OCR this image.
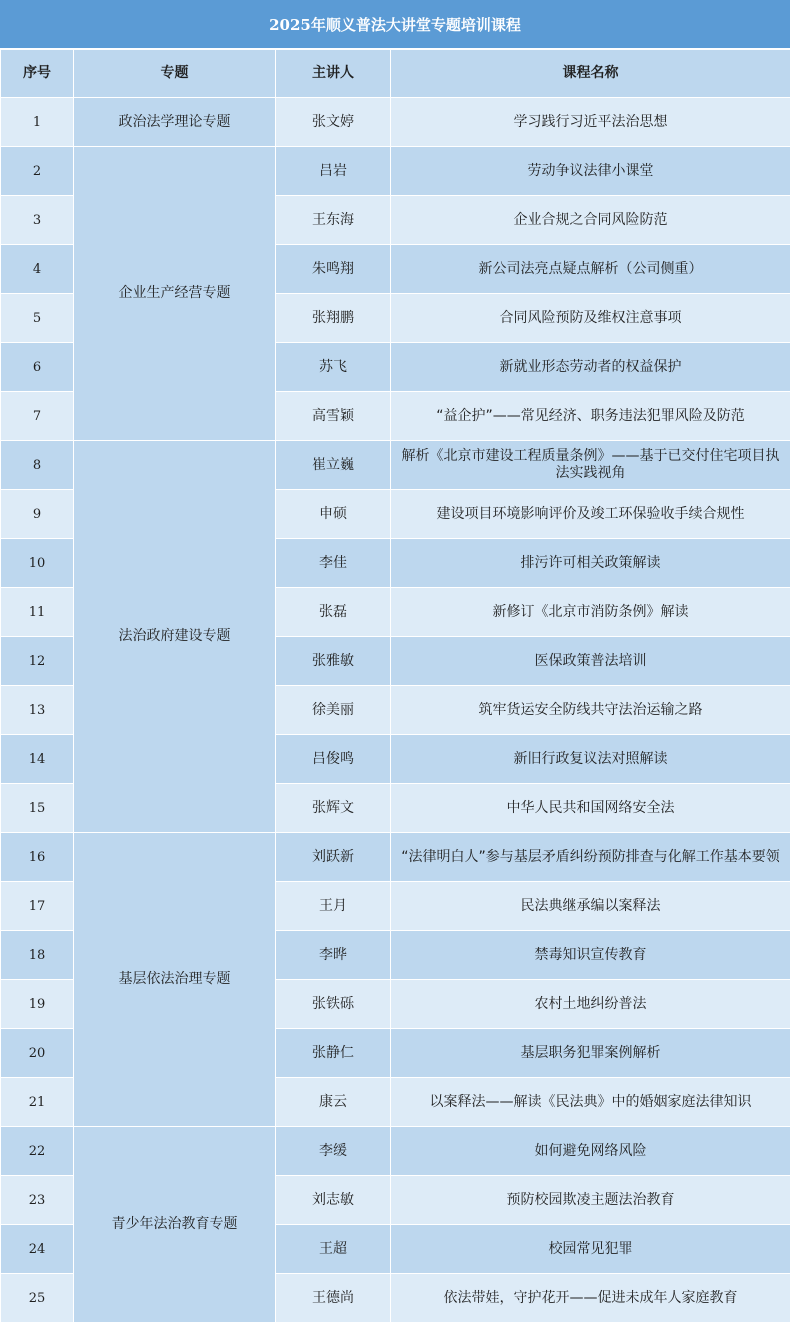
2025年顺义普法大讲堂专题培训课程
序号	专题	主讲人	课程名称
1	政治法学理论专题	张文婷	学习践行习近平法治思想
2	企业生产经营专题	吕岩	劳动争议法律小课堂
3		王东海	企业合规之合同风险防范
4		朱鸣翔	新公司法亮点疑点解析（公司侧重）
5		张翔鹏	合同风险预防及维权注意事项
6		苏飞	新就业形态劳动者的权益保护
7		高雪颖	“益企护”——常见经济、职务违法犯罪风险及防范
8	法治政府建设专题	崔立巍	解析《北京市建设工程质量条例》——基于已交付住宅项目执法实践视角
9		申硕	建设项目环境影响评价及竣工环保验收手续合规性
10		李佳	排污许可相关政策解读
11		张磊	新修订《北京市消防条例》解读
12		张雅敏	医保政策普法培训
13		徐美丽	筑牢货运安全防线共守法治运输之路
14		吕俊鸣	新旧行政复议法对照解读
15		张辉文	中华人民共和国网络安全法
16	基层依法治理专题	刘跃新	“法律明白人”参与基层矛盾纠纷预防排查与化解工作基本要领
17		王月	民法典继承编以案释法
18		李晔	禁毒知识宣传教育
19		张铁砾	农村土地纠纷普法
20		张静仁	基层职务犯罪案例解析
21		康云	以案释法——解读《民法典》中的婚姻家庭法律知识
22	青少年法治教育专题	李缓	如何避免网络风险
23		刘志敏	预防校园欺凌主题法治教育
24		王超	校园常见犯罪
25		王德尚	依法带娃，守护花开——促进未成年人家庭教育
